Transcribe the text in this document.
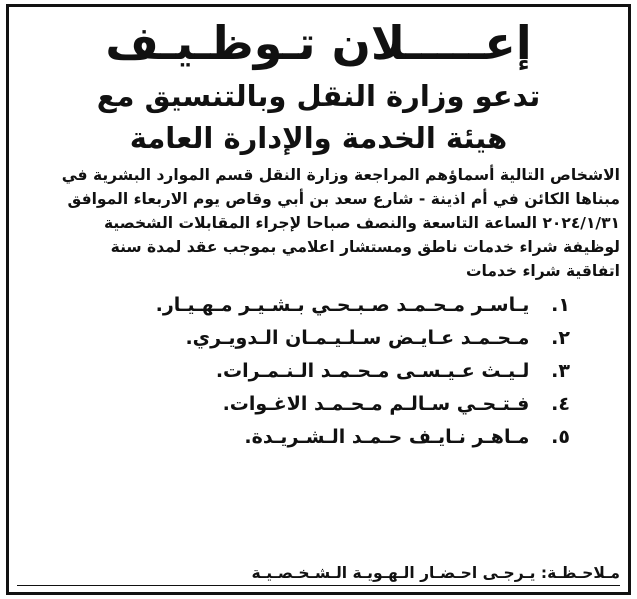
إعـــــلان تـوظـيـف

تدعو وزارة النقل وبالتنسيق مع

هيئة الخدمة والإدارة العامة

الاشخاص التالية أسماؤهم المراجعة وزارة النقل قسم الموارد البشرية في
مبناها الكائن في أم اذينة - شارع سعد بن أبي وقاص يوم الاربعاء الموافق
٢٠٢٤/١/٣١ الساعة التاسعة والنصف صباحا لإجراء المقابلات الشخصية
لوظيفة شراء خدمات ناطق ومستشار اعلامي بموجب عقد لمدة سنة
اتفاقية شراء خدمات
١. يـاسـر مـحـمـد صـبـحـي بـشـيـر مـهـيـار.
٢. مـحـمـد عـايـض سـلـيـمـان الـدويـري.
٣. لـيـث عـيـسـى مـحـمـد الـنـمـرات.
٤. فـتـحـي سـالـم مـحـمـد الاغـوات.
٥. مـاهـر نـايـف حـمـد الـشـريـدة.
مـلاحـظـة: يـرجـى احـضـار الـهـويـة الـشـخـصـيـة
